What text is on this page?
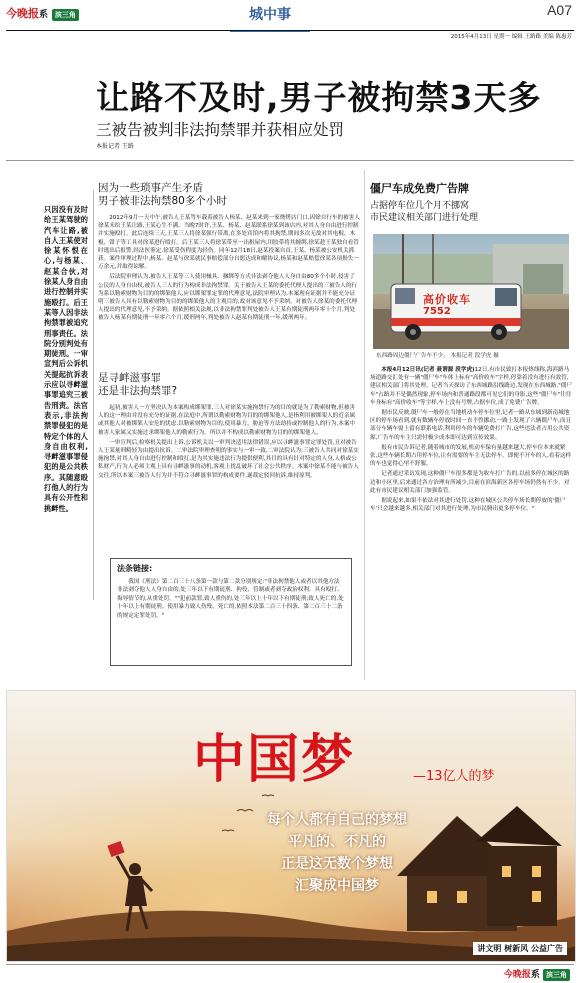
今晚报系 滨三角	城中事	A07
2015年4月13日 星期一 编辑 王路路 美编 陈惠芳
让路不及时,男子被拘禁3天多
三被告被判非法拘禁罪并获相应处罚
本报记者 王路
只因没有及时给王某驾驶的汽车让路,被自人王某使对徐某怀恨在心,与杨某、赵某合伙,对徐某人身自由进行控制并实施殴打。后王某等人因非法拘禁罪被追究刑事责任。法院分别判处有期徒刑。一审宣判后公诉机关提起抗诉表示应以寻衅滋事罪追究三被告刑责。法官表示,非法拘禁罪侵犯的是特定个体的人身自由权利,寻衅滋事罪侵犯的是公共秩序。其随意殴打他人的行为具有公开性和挑衅性。
因为一些琐事产生矛盾
男子被非法拘禁80多个小时

2012年9月一天中午,被告人王某驾车载着被告人杨某、赵某来到一家烧烤店门口,因徐自行车的被害人徐某未给王某让路,王某心生不满。当晚7时许,王某、杨某、赵某联系徐某到该店内,对其人身自由进行控制并实施殴打。此后连续三天,王某三人将徐某强行带离,在多处宾馆内将其拘禁,期间多次无故对其电棍、木棍、钳子等工具对徐某进行殴打。后王某三人将徐某带至一出租屋内,用胶带将其缠绑,徐某趁王某独自看管时逃出后报警,经法医鉴定,徐某受伤程度为轻伤。同年12月18日,赵某投案自首,王某、杨某被公安机关抓获。案件审理过程中,杨某、赵某与徐某就民事赔偿部分自愿达成和解协议,杨某和赵某赔偿徐某各项损失一万余元,并取得谅解。

后法院审理认为,被告人王某等三人使用械具、捆绑等方式非法剥夺他人人身自由80多个小时,侵害了公民的人身自由权,被告人三人的行为构成非法拘禁罪。关于被告人王某的委托代理人提出的三被告人的行为系以勒索财物为目的的绑架他人,应以绑架罪定罪的代理意见,法院审理认为,本案现有证据并不能充分证明三被告人具有以勒索财物为目的的绑架他人的主观目的,故对该意见不予采纳。对被告人徐某的委托代理人提出的代理意见,不予采纳。据依照相关法规,以非法拘禁罪判处被告人王某有期徒刑两年零十个月,判处被告人杨某有期徒刑一年零六个月,缓刑两年,判处被告人赵某有期徒刑一年,缓刑两年。

是寻衅滋事罪
还是非法拘禁罪?

起初,被害人一方坚决认为本案构成绑架罪,三人对徐某实施拘禁行为的目的就是为了勒索财物,但被害人的这一理由并没有充分的证据,在法庭中,所谓以勒索财物为目的的绑架他人,是指利用被绑架人的近亲属或其他人对被绑架人安危的忧虑,以勒索财物为目的,使用暴力、胁迫等方法劫持或控制他人的行为,本案中被害人家属又实施过求绑架他人的勒索行为。所以并不构成以勒索财物为目的的绑架他人。

一审宣判后,检察机关提出上诉,公诉机关以一审判决适用法律错误,应以寻衅滋事罪定罪处罚,且对被告人王某量刑畸轻为由提出抗诉。二审法院审理查明的事实与一审一致,二审法院认为,三被告人共同对徐某实施拘禁,对其人身自由进行控制和殴打,是为其实施违法行为提供便利,其目的具有针对特定的人身,人格或公私财产,行为人必须主观上具有寻衅滋事的动机,客观上扰乱破坏了社会公共秩序。本案中徐某不能与被告人交往,所以本案三被告人行为并不符合寻衅滋事罪的构成要件,遂裁定驳回抗诉,维持原判。

法条链接:
我国《刑法》第二百三十八条第一款与第二款分别规定:"非法拘禁他人或者以其他方法非法剥夺他人人身自由的,处三年以下有期徒刑、拘役、管制或者剥夺政治权利。具有殴打、侮辱情节的,从重处罚。""犯前款罪,致人重伤的,处三年以上十年以下有期徒刑;致人死亡的,处十年以上有期徒刑。使用暴力致人伤残、死亡的,依照本法第二百三十四条、第二百三十二条的规定定罪处罚。"
僵尸车成免费广告牌
占据停车位几个月不挪窝
市民建议相关部门进行处理
高价收车
7552
东西路周边僵尸广告车不少。 本报记者 段学虎 摄

本报4月12日讯(记者 聂谓源 段学虎)12日,有市民致打本报热线称,海滨路马场道路交汇处有一辆"僵尸车"车体上标有"高价收车"字样,停靠着没有进行有效管,建议相关部门将其处理。记者当天探访了东西城路沿线路边,发现在东西城路,"僵尸车"占路并不是偶然现象,停车场内和普通路段都可见它们的身影,这些"僵尸车"往往车身标有"高价收车"等字样,车上没有号牌,占据车位,成了免费广告牌。

据市民反映,僵尸车一般停在当地机动车停车位里,记者一路从东城到新南城地区的停车场看到,就有数辆车停放时间一直不曾挪动,一路上发现了六辆僵尸车,而且部分车辆车窗上留有联系电话,利用停车的车辆免费打广告,这些违法者占用公共资源,广告车的车主只需付极少成本即可达到宣传效果。

报有市民告诉记者,随着城市的发展,机动车保有量越来越大,停车位本来就紧张,这些车辆长期占用停车位,让有需要的车主无法停车。即便不开车的人,看着这样的车也觉得心里不舒服。

记者通过采访发现,这种僵尸车很多都是为收车打广告的,以前多停在城区的路边和小区里,后来通过各方治理有所减少,目前在滨海新区各停车场仍然有不少。对此有市民建议相关部门加强监管。

据说起来,如果不依法对其进行处罚,这种在城区公共停车场长期停放的'僵尸车'只会越来越多,相关部门对其进行处理,为市民腾出更多停车位。"

中国梦	—13亿人的梦
每个人都有自己的梦想
平凡的、不凡的
正是这无数个梦想
汇聚成中国梦
讲文明 树新风 公益广告
今晚报系 滨三角
